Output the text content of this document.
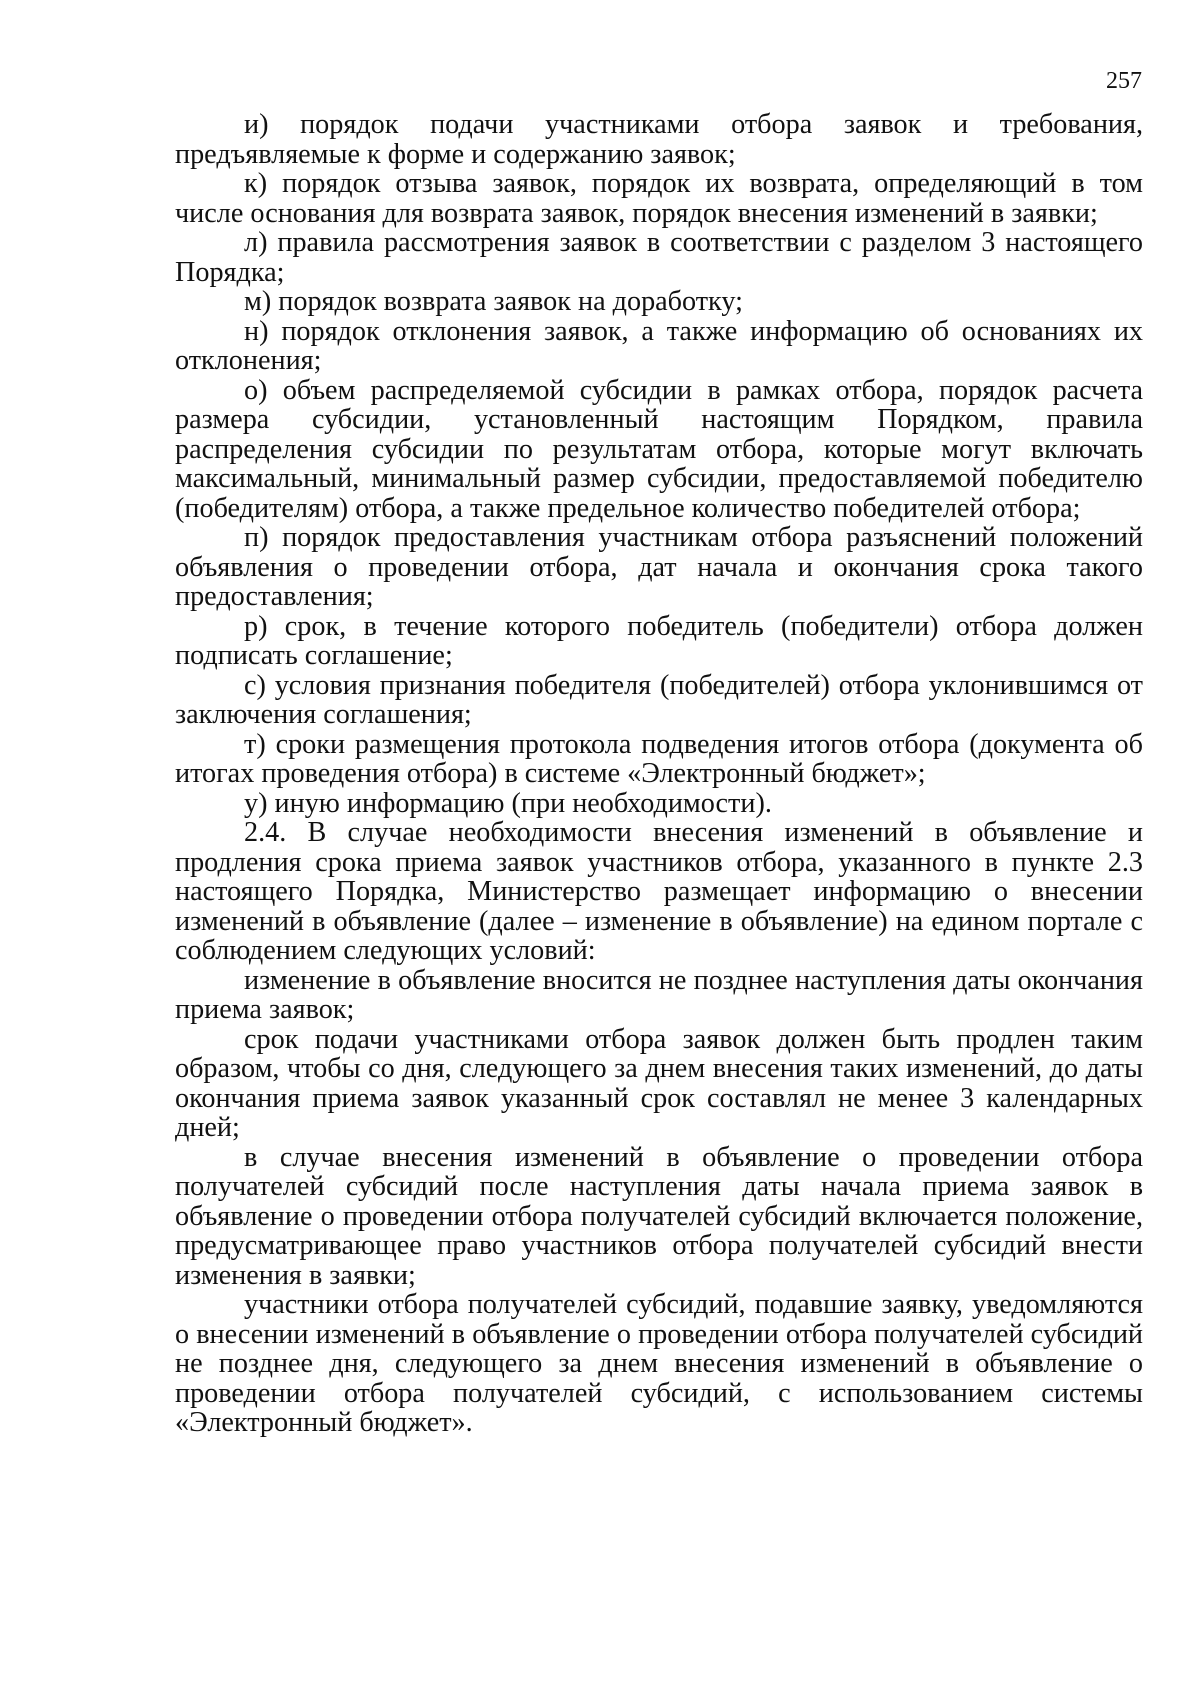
257

и) порядок подачи участниками отбора заявок и требования, предъявляемые к форме и содержанию заявок;

к) порядок отзыва заявок, порядок их возврата, определяющий в том числе основания для возврата заявок, порядок внесения изменений в заявки;

л) правила рассмотрения заявок в соответствии с разделом 3 настоящего Порядка;

м) порядок возврата заявок на доработку;

н) порядок отклонения заявок, а также информацию об основаниях их отклонения;

о) объем распределяемой субсидии в рамках отбора, порядок расчета размера субсидии, установленный настоящим Порядком, правила распределения субсидии по результатам отбора, которые могут включать максимальный, минимальный размер субсидии, предоставляемой победителю (победителям) отбора, а также предельное количество победителей отбора;

п) порядок предоставления участникам отбора разъяснений положений объявления о проведении отбора, дат начала и окончания срока такого предоставления;

р) срок, в течение которого победитель (победители) отбора должен подписать соглашение;

с) условия признания победителя (победителей) отбора уклонившимся от заключения соглашения;

т) сроки размещения протокола подведения итогов отбора (документа об итогах проведения отбора) в системе «Электронный бюджет»;

у) иную информацию (при необходимости).

2.4. В случае необходимости внесения изменений в объявление и продления срока приема заявок участников отбора, указанного в пункте 2.3 настоящего Порядка, Министерство размещает информацию о внесении изменений в объявление (далее – изменение в объявление) на едином портале с соблюдением следующих условий:

изменение в объявление вносится не позднее наступления даты окончания приема заявок;

срок подачи участниками отбора заявок должен быть продлен таким образом, чтобы со дня, следующего за днем внесения таких изменений, до даты окончания приема заявок указанный срок составлял не менее 3 календарных дней;

в случае внесения изменений в объявление о проведении отбора получателей субсидий после наступления даты начала приема заявок в объявление о проведении отбора получателей субсидий включается положение, предусматривающее право участников отбора получателей субсидий внести изменения в заявки;

участники отбора получателей субсидий, подавшие заявку, уведомляются о внесении изменений в объявление о проведении отбора получателей субсидий не позднее дня, следующего за днем внесения изменений в объявление о проведении отбора получателей субсидий, с использованием системы «Электронный бюджет».
